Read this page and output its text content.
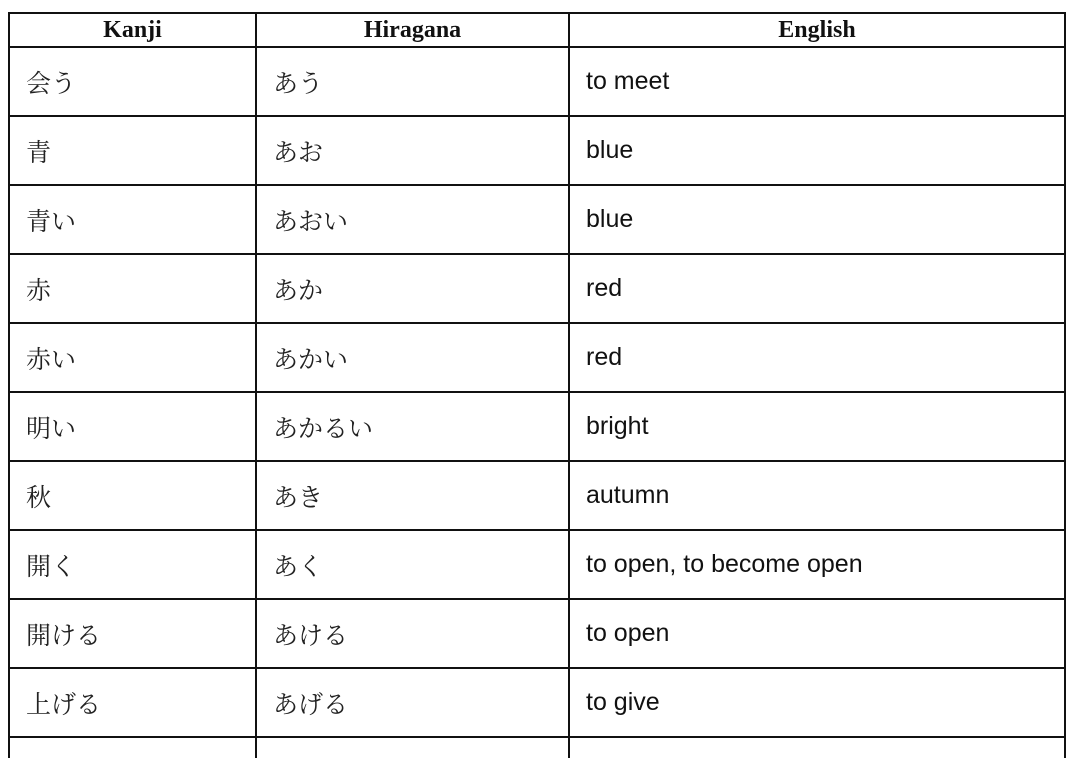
Kanji	Hiragana	English
会う	あう	to meet
青	あお	blue
青い	あおい	blue
赤	あか	red
赤い	あかい	red
明い	あかるい	bright
秋	あき	autumn
開く	あく	to open, to become open
開ける	あける	to open
上げる	あげる	to give
